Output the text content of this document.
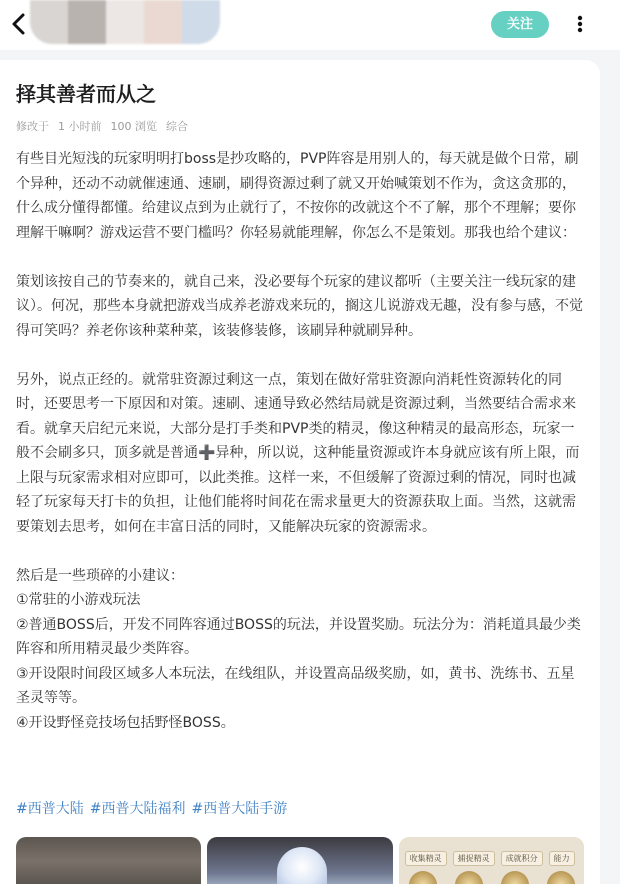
关注
择其善者而从之
修改于 1 小时前 100 浏览 综合
有些目光短浅的玩家明明打boss是抄攻略的，PVP阵容是用别人的，每天就是做个日常，刷个异种，还动不动就催速通、速刷，刷得资源过剩了就又开始喊策划不作为，贪这贪那的，什么成分懂得都懂。给建议点到为止就行了，不按你的改就这个不了解，那个不理解；要你理解干嘛啊？游戏运营不要门槛吗？你轻易就能理解，你怎么不是策划。那我也给个建议：

策划该按自己的节奏来的，就自己来，没必要每个玩家的建议都听（主要关注一线玩家的建议）。何况，那些本身就把游戏当成养老游戏来玩的，搁这儿说游戏无趣，没有参与感，不觉得可笑吗？养老你该种菜种菜，该装修装修，该刷异种就刷异种。

另外，说点正经的。就常驻资源过剩这一点，策划在做好常驻资源向消耗性资源转化的同时，还要思考一下原因和对策。速刷、速通导致必然结局就是资源过剩，当然要结合需求来看。就拿天启纪元来说，大部分是打手类和PVP类的精灵，像这种精灵的最高形态，玩家一般不会刷多只，顶多就是普通➕异种，所以说，这种能量资源或许本身就应该有所上限，而上限与玩家需求相对应即可，以此类推。这样一来，不但缓解了资源过剩的情况，同时也减轻了玩家每天打卡的负担，让他们能将时间花在需求量更大的资源获取上面。当然，这就需要策划去思考，如何在丰富日活的同时，又能解决玩家的资源需求。

然后是一些琐碎的小建议：
①常驻的小游戏玩法
②普通BOSS后，开发不同阵容通过BOSS的玩法，并设置奖励。玩法分为：消耗道具最少类阵容和所用精灵最少类阵容。
③开设限时间段区域多人本玩法，在线组队，并设置高品级奖励，如，黄书、洗练书、五星圣灵等等。
④开设野怪竞技场包括野怪BOSS。
#西普大陆 #西普大陆福利 #西普大陆手游
收集精灵	捕捉精灵	成就积分	能力
